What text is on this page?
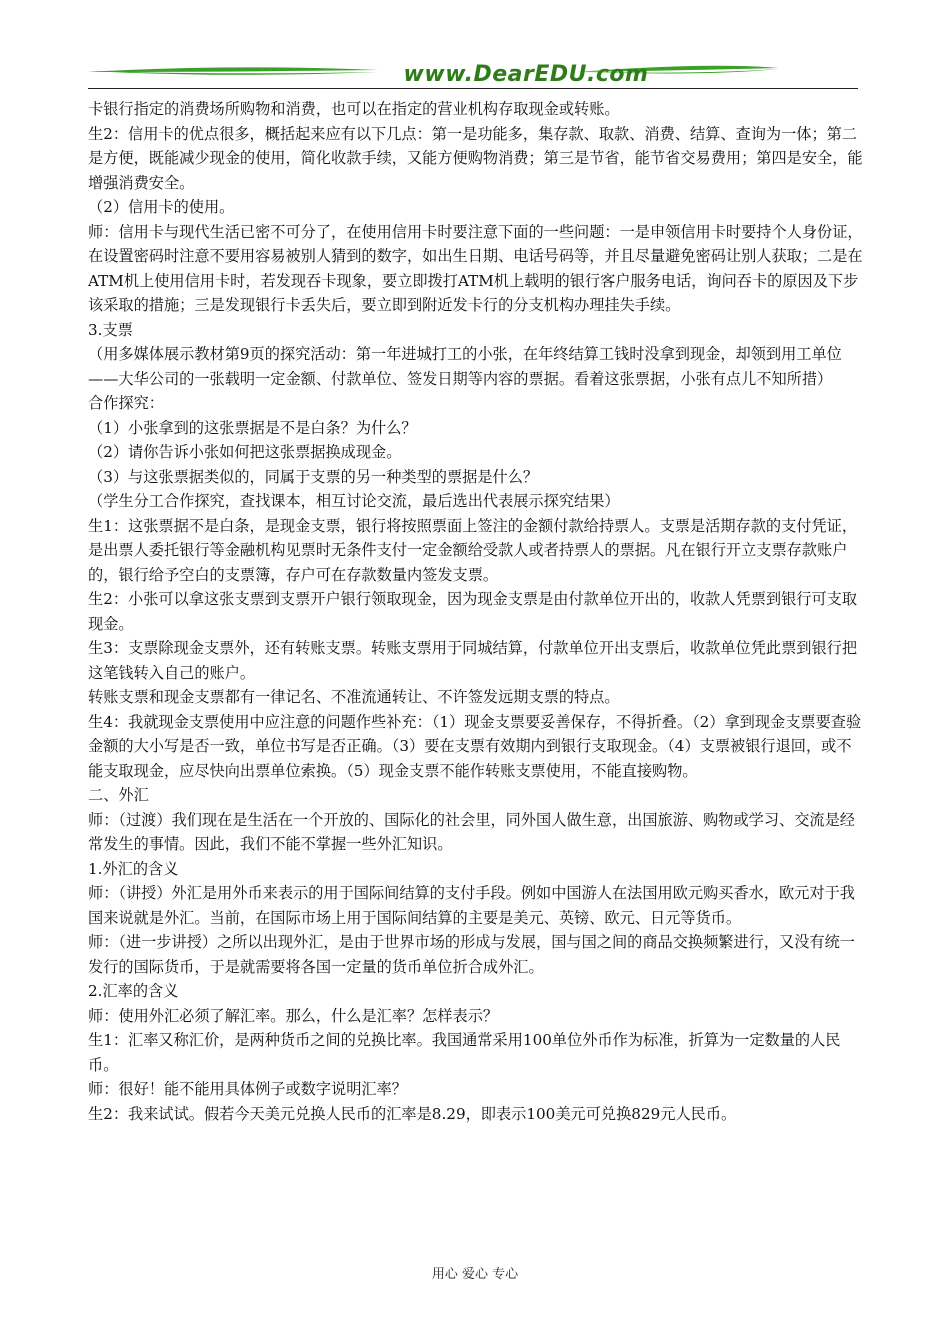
www.DearEDU.com

卡银行指定的消费场所购物和消费，也可以在指定的营业机构存取现金或转账。

生2：信用卡的优点很多，概括起来应有以下几点：第一是功能多，集存款、取款、消费、结算、查询为一体；第二是方便，既能减少现金的使用，简化收款手续，又能方便购物消费；第三是节省，能节省交易费用；第四是安全，能增强消费安全。

（2）信用卡的使用。

师：信用卡与现代生活已密不可分了，在使用信用卡时要注意下面的一些问题：一是申领信用卡时要持个人身份证，在设置密码时注意不要用容易被别人猜到的数字，如出生日期、电话号码等，并且尽量避免密码让别人获取；二是在ATM机上使用信用卡时，若发现吞卡现象，要立即拨打ATM机上载明的银行客户服务电话，询问吞卡的原因及下步该采取的措施；三是发现银行卡丢失后，要立即到附近发卡行的分支机构办理挂失手续。

3.支票

（用多媒体展示教材第9页的探究活动：第一年进城打工的小张，在年终结算工钱时没拿到现金，却领到用工单位——大华公司的一张载明一定金额、付款单位、签发日期等内容的票据。看着这张票据，小张有点儿不知所措）

合作探究：

（1）小张拿到的这张票据是不是白条？为什么？

（2）请你告诉小张如何把这张票据换成现金。

（3）与这张票据类似的，同属于支票的另一种类型的票据是什么？

（学生分工合作探究，查找课本，相互讨论交流，最后选出代表展示探究结果）

生1：这张票据不是白条，是现金支票，银行将按照票面上签注的金额付款给持票人。支票是活期存款的支付凭证，是出票人委托银行等金融机构见票时无条件支付一定金额给受款人或者持票人的票据。凡在银行开立支票存款账户的，银行给予空白的支票簿，存户可在存款数量内签发支票。

生2：小张可以拿这张支票到支票开户银行领取现金，因为现金支票是由付款单位开出的，收款人凭票到银行可支取现金。

生3：支票除现金支票外，还有转账支票。转账支票用于同城结算，付款单位开出支票后，收款单位凭此票到银行把这笔钱转入自己的账户。

转账支票和现金支票都有一律记名、不准流通转让、不许签发远期支票的特点。

生4：我就现金支票使用中应注意的问题作些补充：（1）现金支票要妥善保存，不得折叠。（2）拿到现金支票要查验金额的大小写是否一致，单位书写是否正确。（3）要在支票有效期内到银行支取现金。（4）支票被银行退回，或不能支取现金，应尽快向出票单位索换。（5）现金支票不能作转账支票使用，不能直接购物。

二、外汇

师：（过渡）我们现在是生活在一个开放的、国际化的社会里，同外国人做生意，出国旅游、购物或学习、交流是经常发生的事情。因此，我们不能不掌握一些外汇知识。

1.外汇的含义

师：（讲授）外汇是用外币来表示的用于国际间结算的支付手段。例如中国游人在法国用欧元购买香水，欧元对于我国来说就是外汇。当前，在国际市场上用于国际间结算的主要是美元、英镑、欧元、日元等货币。

师：（进一步讲授）之所以出现外汇，是由于世界市场的形成与发展，国与国之间的商品交换频繁进行，又没有统一发行的国际货币，于是就需要将各国一定量的货币单位折合成外汇。

2.汇率的含义

师：使用外汇必须了解汇率。那么，什么是汇率？怎样表示？

生1：汇率又称汇价，是两种货币之间的兑换比率。我国通常采用100单位外币作为标准，折算为一定数量的人民币。

师：很好！能不能用具体例子或数字说明汇率？

生2：我来试试。假若今天美元兑换人民币的汇率是8.29，即表示100美元可兑换829元人民币。

用心 爱心 专心
